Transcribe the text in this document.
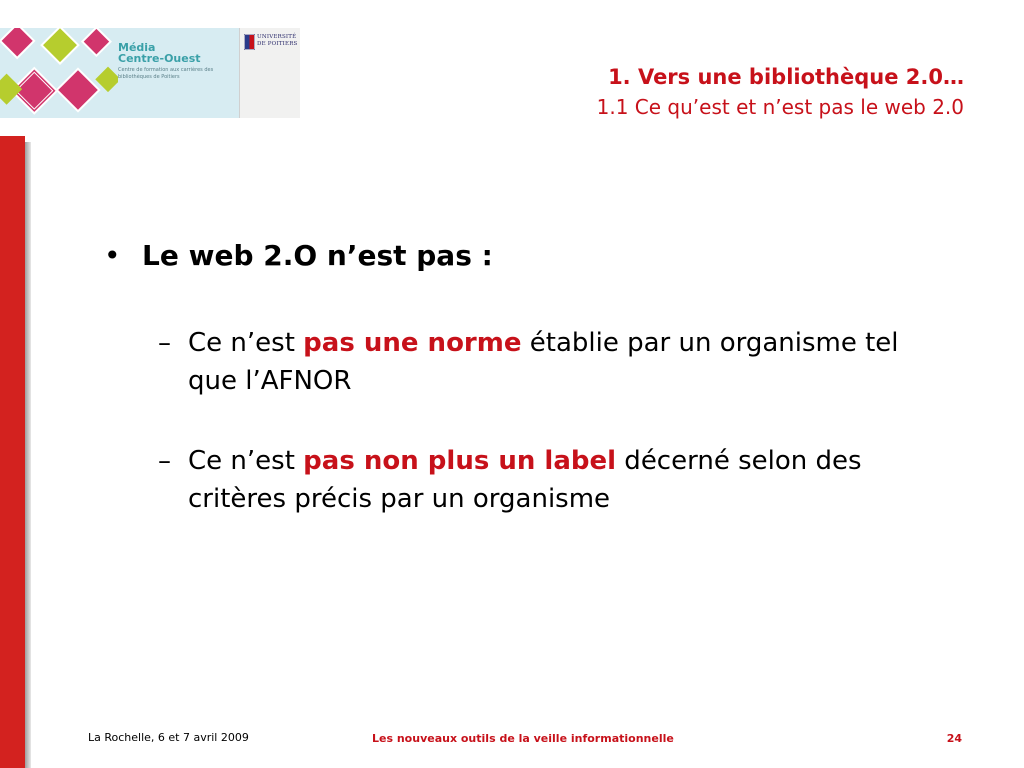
Média
Centre-Ouest
Centre de formation aux carrières des bibliothèques de Poitiers
UNIVERSITÉ
DE POITIERS
1. Vers une bibliothèque 2.0…
1.1 Ce qu’est et n’est pas le web 2.0
• Le web 2.O n’est pas :
– Ce n’est pas une norme établie par un organisme tel que l’AFNOR
– Ce n’est pas non plus un label décerné selon des critères précis par un organisme
La Rochelle, 6 et 7 avril 2009	Les nouveaux outils de la veille informationnelle	24
